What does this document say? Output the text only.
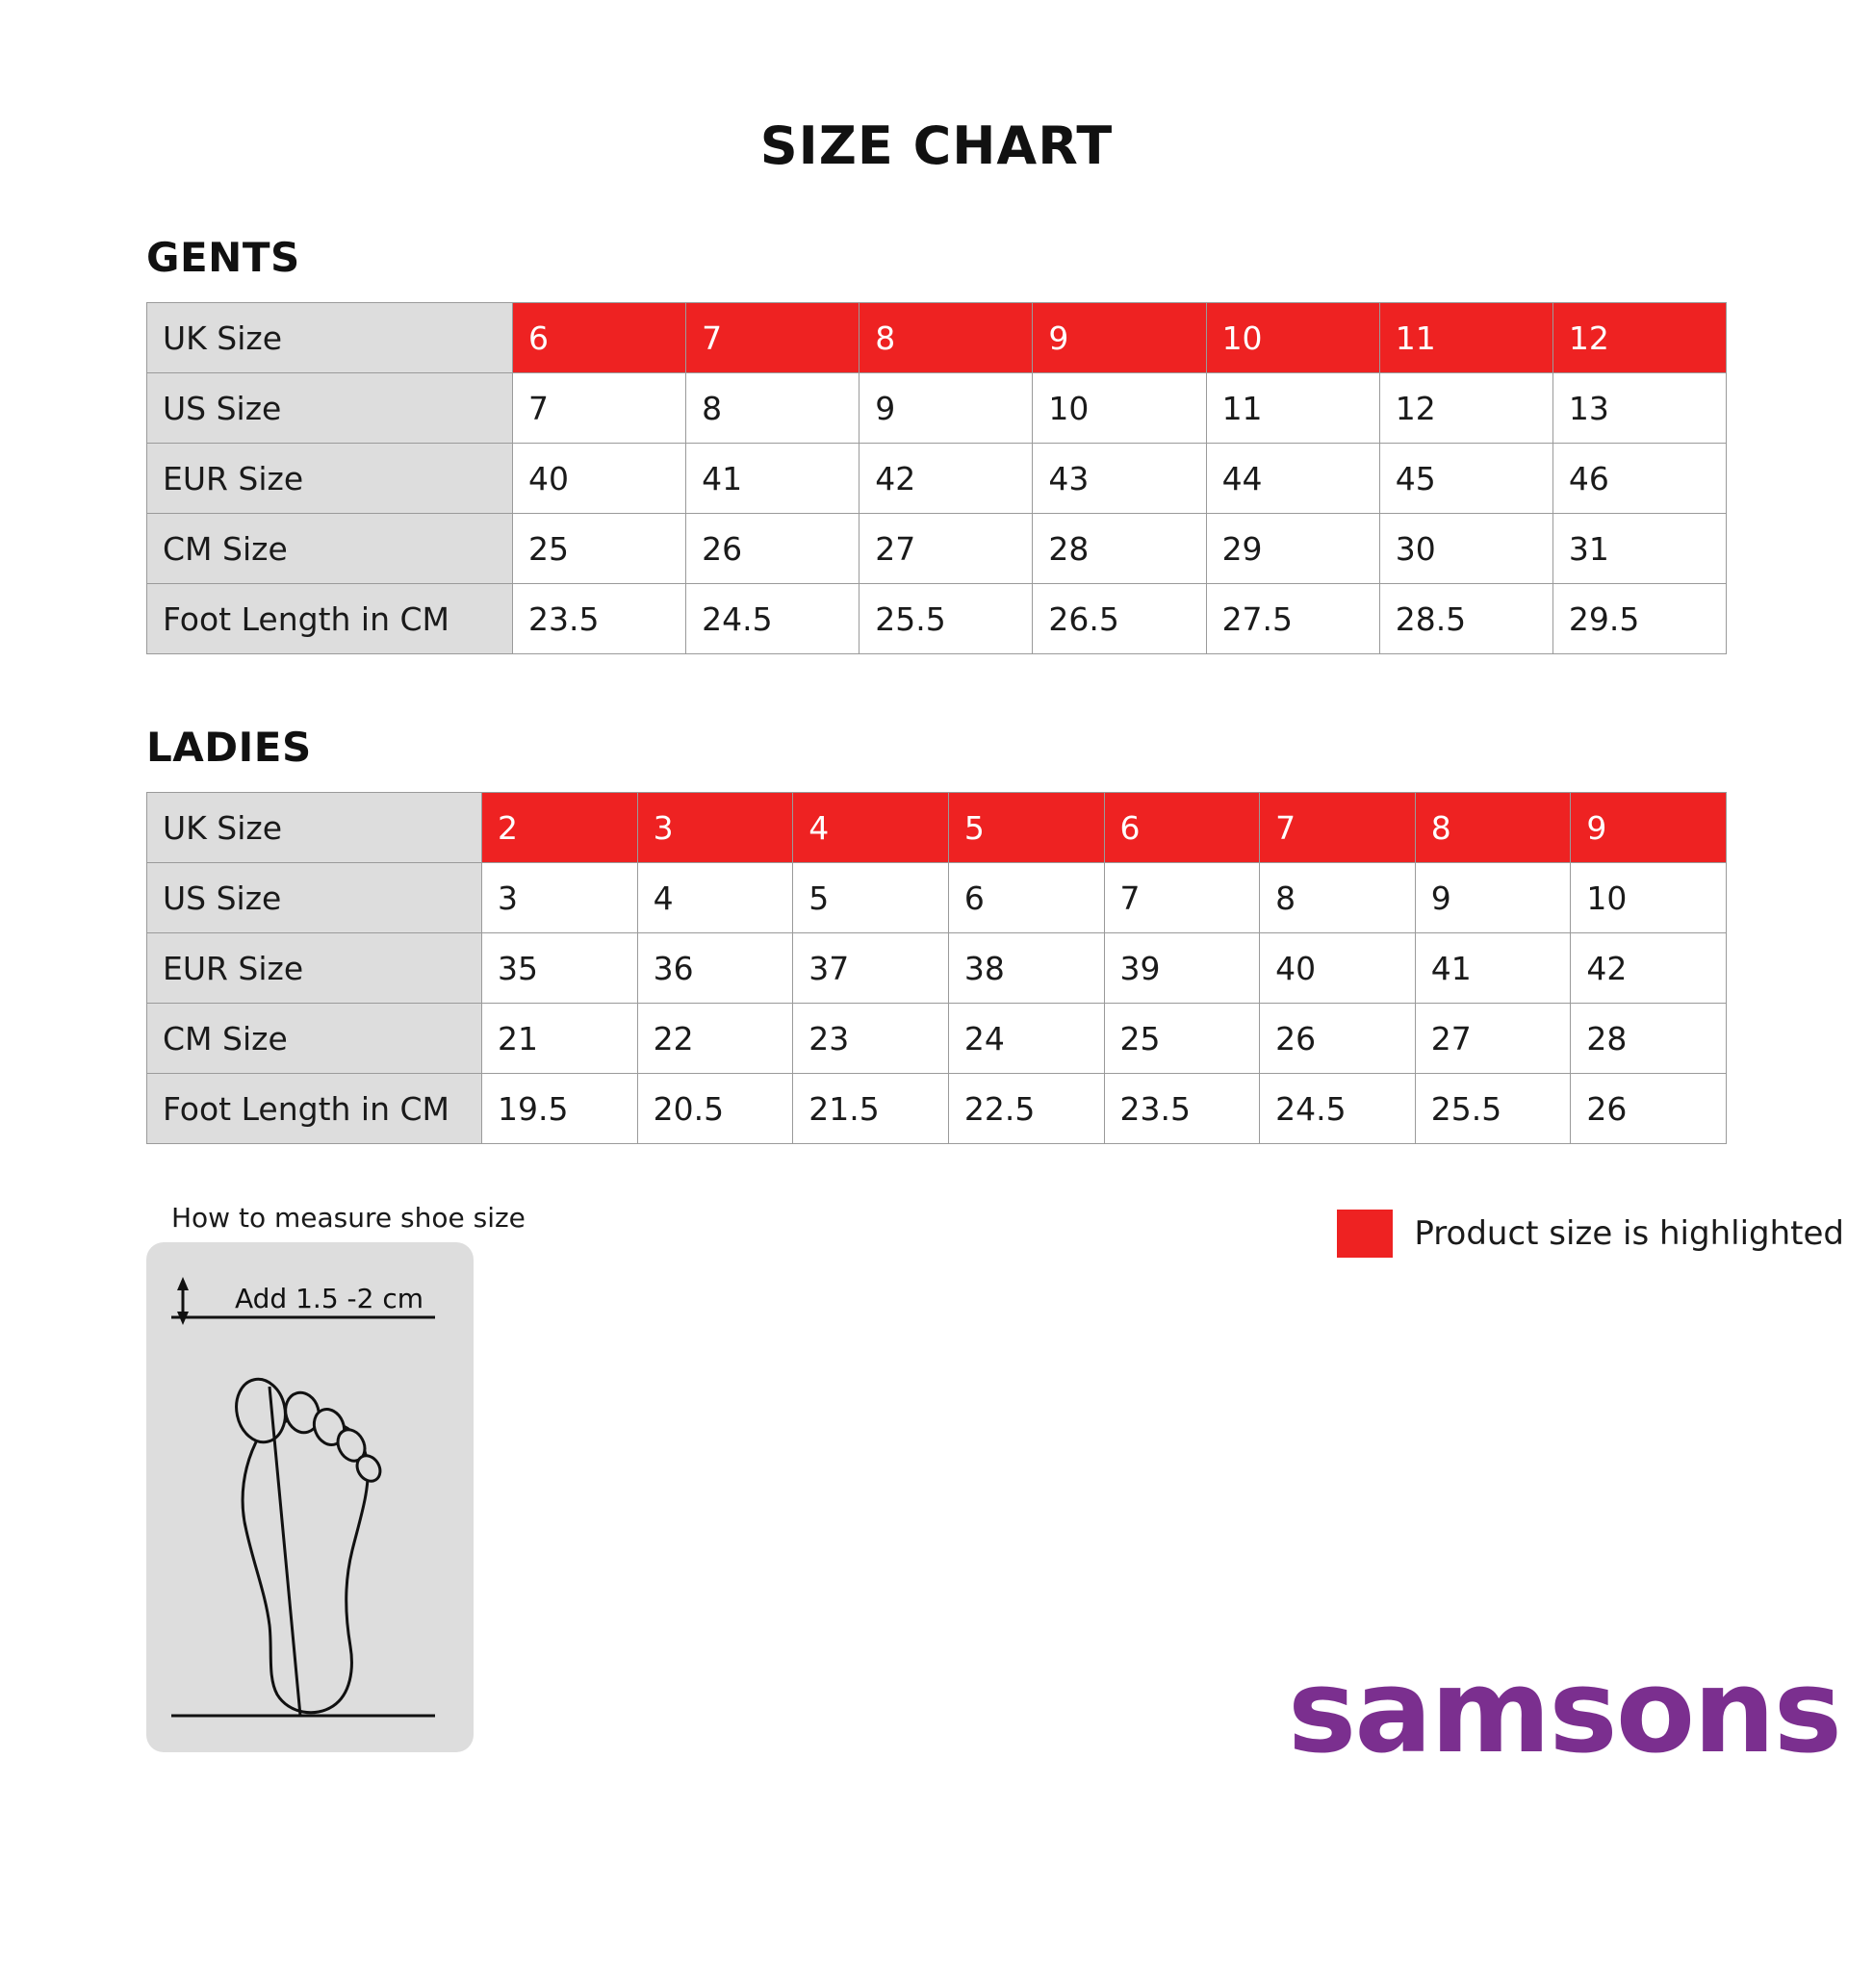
SIZE CHART
GENTS
UK Size	6	7	8	9	10	11	12
US Size	7	8	9	10	11	12	13
EUR Size	40	41	42	43	44	45	46
CM Size	25	26	27	28	29	30	31
Foot Length in CM	23.5	24.5	25.5	26.5	27.5	28.5	29.5
LADIES
UK Size	2	3	4	5	6	7	8	9
US Size	3	4	5	6	7	8	9	10
EUR Size	35	36	37	38	39	40	41	42
CM Size	21	22	23	24	25	26	27	28
Foot Length in CM	19.5	20.5	21.5	22.5	23.5	24.5	25.5	26
How to measure shoe size
Add 1.5 -2 cm
Product size is highlighted
samsons
